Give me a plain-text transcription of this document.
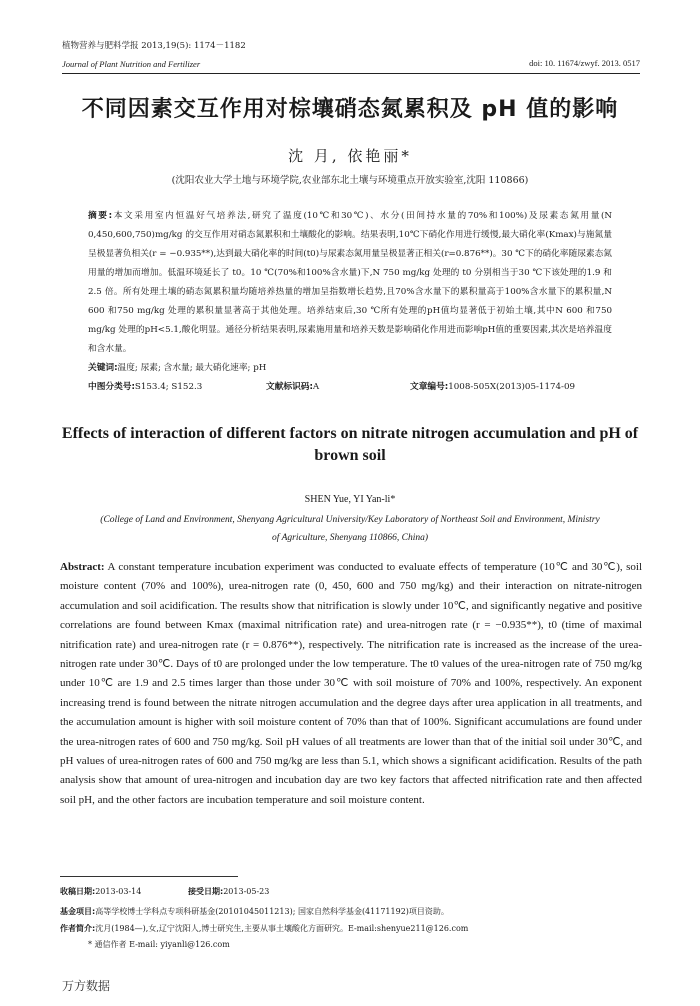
植物营养与肥料学报 2013,19(5): 1174－1182
Journal of Plant Nutrition and Fertilizer	doi: 10. 11674/zwyf. 2013. 0517
不同因素交互作用对棕壤硝态氮累积及 pH 值的影响
沈 月, 依艳丽*
(沈阳农业大学土地与环境学院,农业部东北土壤与环境重点开放实验室,沈阳 110866)
摘要:本文采用室内恒温好气培养法,研究了温度(10℃和30℃)、水分(田间持水量的70%和100%)及尿素态氮用量(N 0,450,600,750)mg/kg 的交互作用对硝态氮累积和土壤酸化的影响。结果表明,10℃下硝化作用进行缓慢,最大硝化率(Kmax)与施氮量呈极显著负相关(r = −0.935**),达到最大硝化率的时间(t0)与尿素态氮用量呈极显著正相关(r=0.876**)。30 ℃下的硝化率随尿素态氮用量的增加而增加。低温环境延长了 t0。10 ℃(70%和100%含水量)下,N 750 mg/kg 处理的 t0 分别相当于30 ℃下该处理的1.9 和2.5 倍。所有处理土壤的硝态氮累积量均随培养热量的增加呈指数增长趋势,且70%含水量下的累积量高于100%含水量下的累积量,N 600 和750 mg/kg 处理的累积量显著高于其他处理。培养结束后,30 ℃所有处理的pH值均显著低于初始土壤,其中N 600 和750 mg/kg 处理的pH<5.1,酸化明显。通径分析结果表明,尿素施用量和培养天数是影响硝化作用进而影响pH值的重要因素,其次是培养温度和含水量。
关键词:温度; 尿素; 含水量; 最大硝化速率; pH
中图分类号:S153.4; S152.3	文献标识码:A	文章编号:1008-505X(2013)05-1174-09
Effects of interaction of different factors on nitrate nitrogen accumulation and pH of brown soil
SHEN Yue, YI Yan-li*
(College of Land and Environment, Shenyang Agricultural University/Key Laboratory of Northeast Soil and Environment, Ministry of Agriculture, Shenyang 110866, China)
Abstract: A constant temperature incubation experiment was conducted to evaluate effects of temperature (10℃ and 30℃), soil moisture content (70% and 100%), urea-nitrogen rate (0, 450, 600 and 750 mg/kg) and their interaction on nitrate-nitrogen accumulation and soil acidification. The results show that nitrification is slowly under 10℃, and significantly negative and positive correlations are found between Kmax (maximal nitrification rate) and urea-nitrogen rate (r = −0.935**), t0 (time of maximal nitrification rate) and urea-nitrogen rate (r = 0.876**), respectively. The nitrification rate is increased as the increase of the urea-nitrogen rate under 30℃. Days of t0 are prolonged under the low temperature. The t0 values of the urea-nitrogen rate of 750 mg/kg under 10℃ are 1.9 and 2.5 times larger than those under 30℃ with soil moisture of 70% and 100%, respectively. An exponent increasing trend is found between the nitrate nitrogen accumulation and the degree days after urea application in all treatments, and the accumulation amount is higher with soil moisture content of 70% than that of 100%. Significant accumulations are found under the urea-nitrogen rates of 600 and 750 mg/kg. Soil pH values of all treatments are lower than that of the initial soil under 30℃, and pH values of urea-nitrogen rates of 600 and 750 mg/kg are less than 5.1, which shows a significant acidification. Results of the path analysis show that amount of urea-nitrogen and incubation day are two key factors that affected nitrification rate and then affected soil pH, and the other factors are incubation temperature and soil moisture content.
收稿日期:2013-03-14	接受日期:2013-05-23
基金项目:高等学校博士学科点专项科研基金(20101045011213); 国家自然科学基金(41171192)项目资助。
作者简介:沈月(1984—),女,辽宁沈阳人,博士研究生,主要从事土壤酸化方面研究。E-mail:shenyue211@126.com
* 通信作者 E-mail: yiyanli@126.com
万方数据
